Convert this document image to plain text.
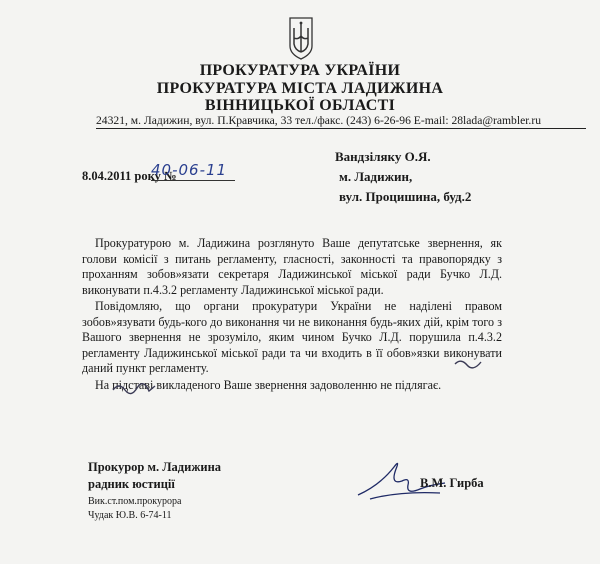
ПРОКУРАТУРА УКРАЇНИ
ПРОКУРАТУРА МІСТА ЛАДИЖИНА
ВІННИЦЬКОЇ ОБЛАСТІ
24321, м. Ладижин, вул. П.Кравчика, 33 тел./факс. (243) 6-26-96 E-mail: 28lada@rambler.ru
8.04.2011 року №
40-06-11
Вандзіляку О.Я.
м. Ладижин,
вул. Процишина, буд.2
Прокуратурою м. Ладижина розглянуто Ваше депутатське звернення, як голови комісії з питань регламенту, гласності, законності та правопорядку з проханням зобов»язати секретаря Ладижинської міської ради Бучко Л.Д. виконувати п.4.3.2 регламенту Ладижинської міської ради.
Повідомляю, що органи прокуратури України не наділені правом зобов»язувати будь-кого до виконання чи не виконання будь-яких дій, крім того з Вашого звернення не зрозуміло, яким чином Бучко Л.Д. порушила п.4.3.2 регламенту Ладижинської міської ради та чи входить в її обов»язки виконувати даний пункт регламенту.
На підставі викладеного Ваше звернення задоволенню не підлягає.
Прокурор м. Ладижина
радник юстиції	В.М. Гирба
Вик.ст.пом.прокурора
Чудак Ю.В. 6-74-11
